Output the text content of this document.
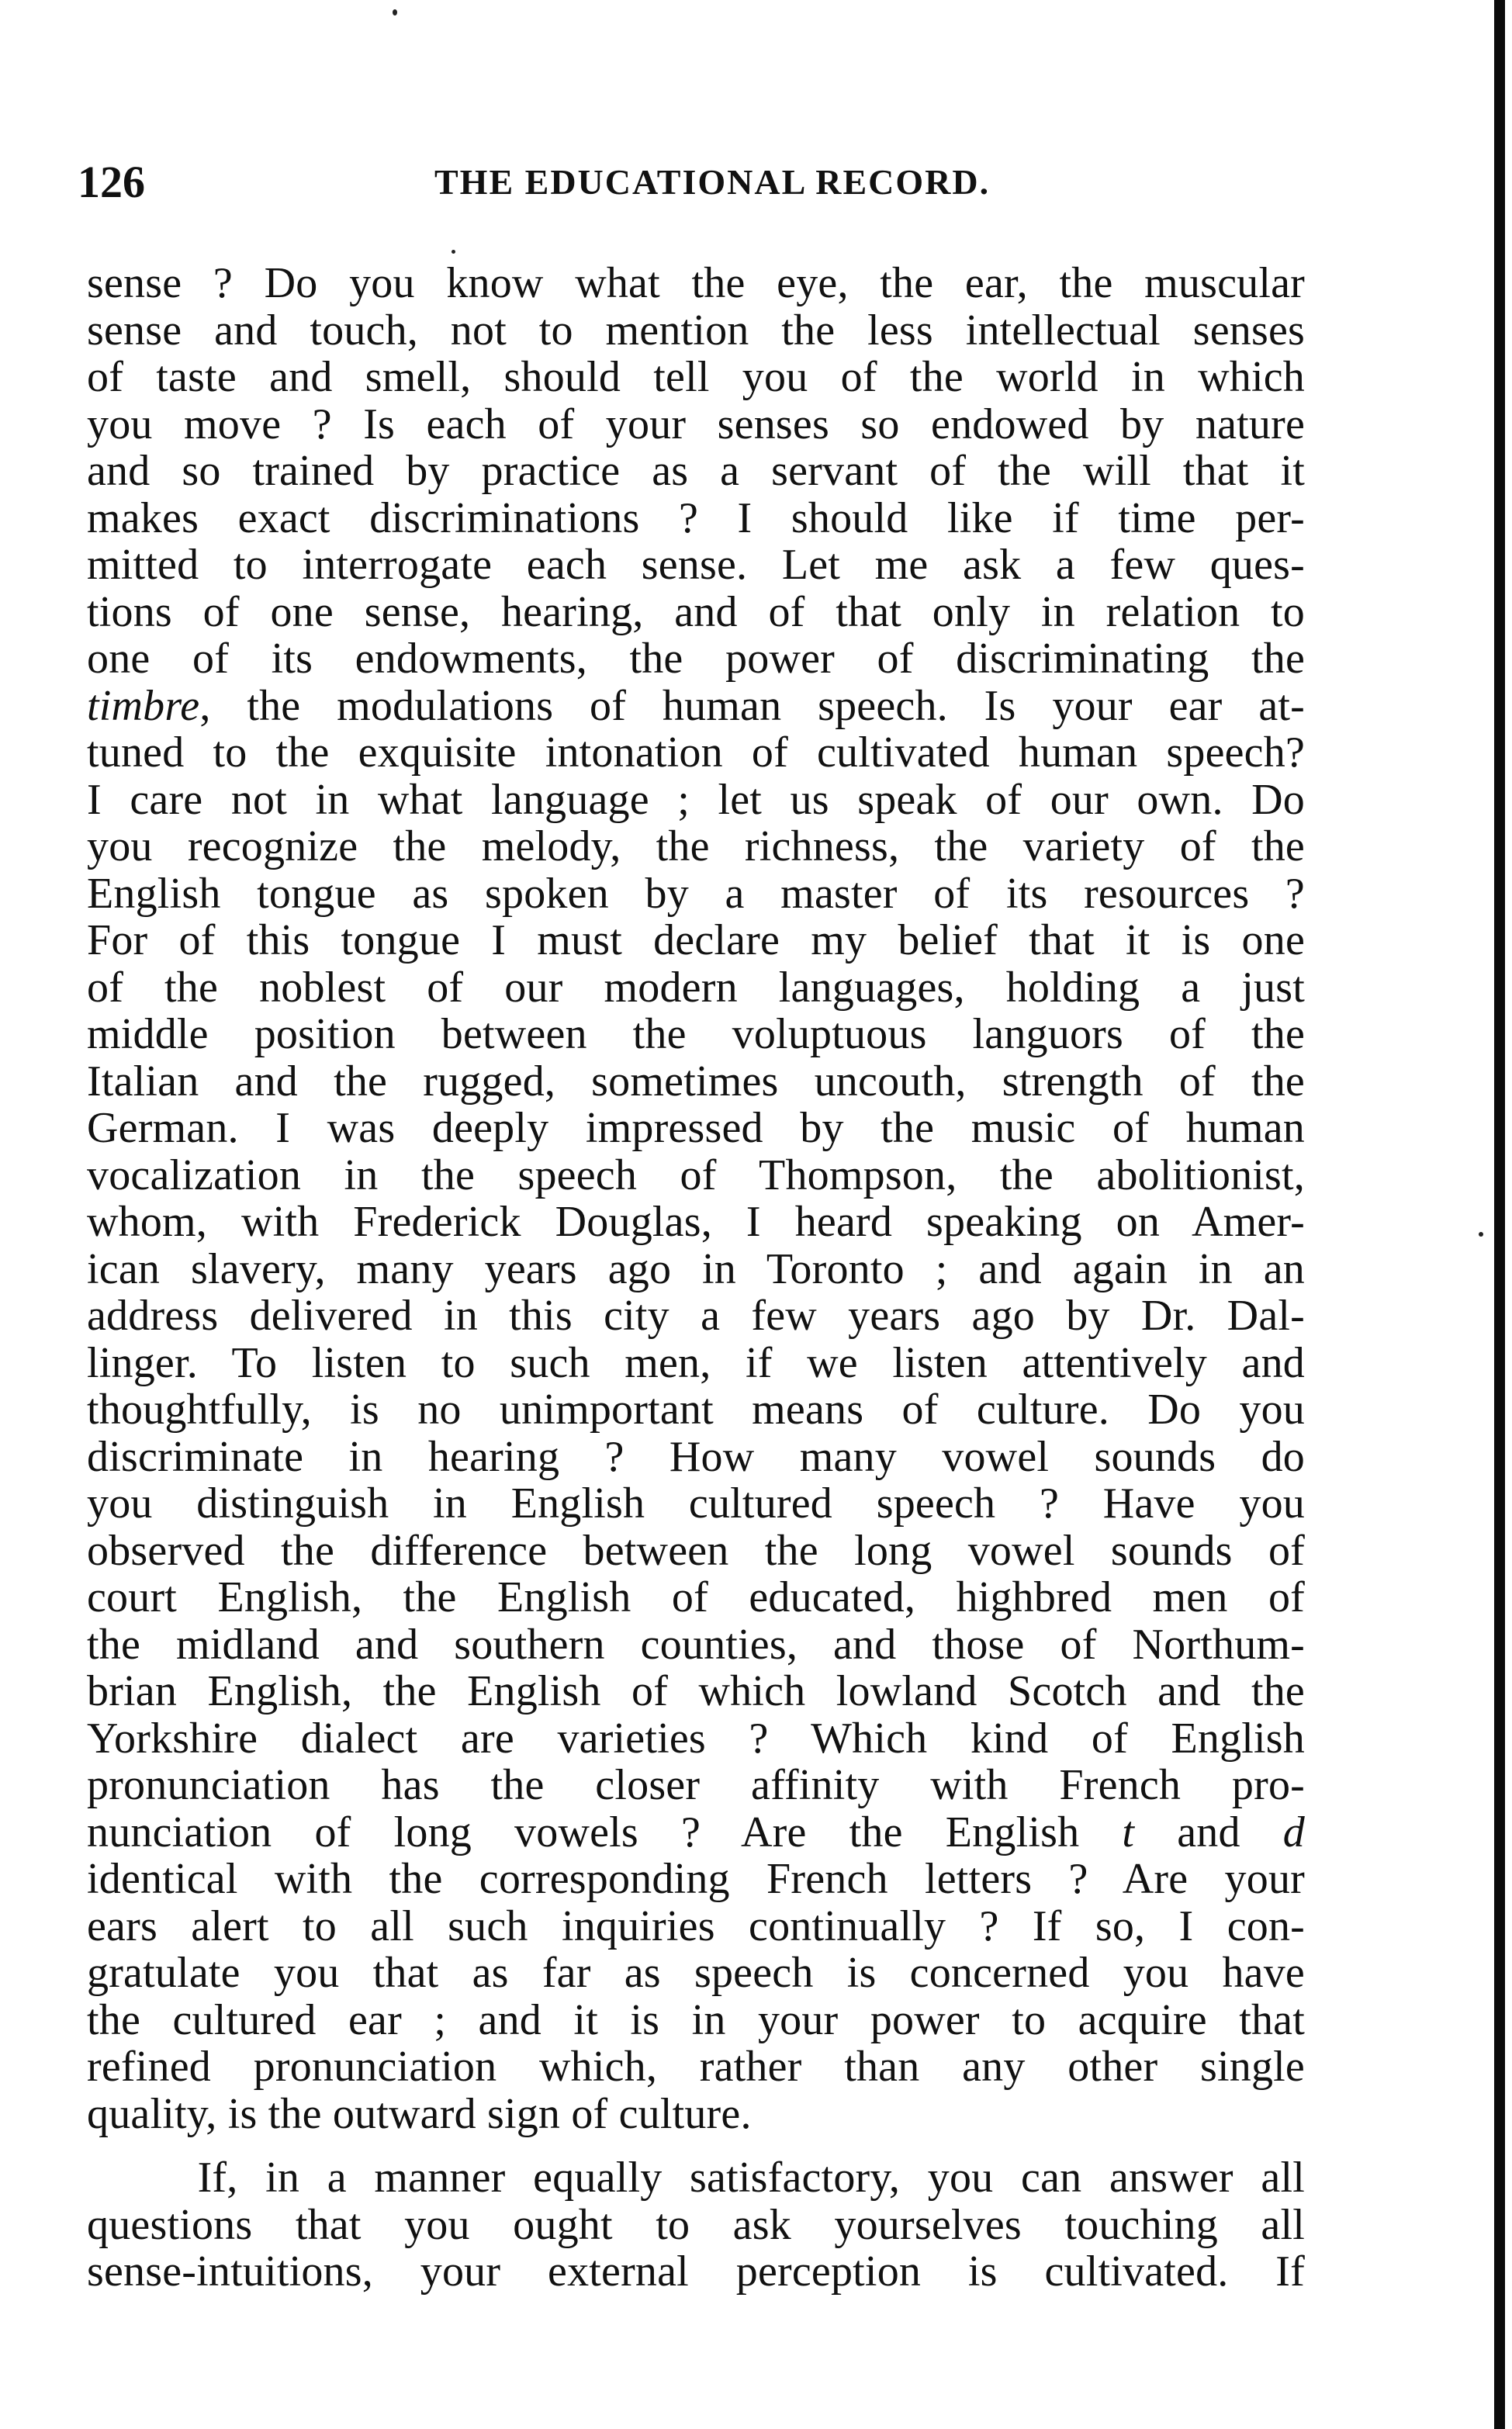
126	THE EDUCATIONAL RECORD.
sense ? Do you know what the eye, the ear, the muscular
sense and touch, not to mention the less intellectual senses
of taste and smell, should tell you of the world in which
you move ? Is each of your senses so endowed by nature
and so trained by practice as a servant of the will that it
makes exact discriminations ? I should like if time per-
mitted to interrogate each sense. Let me ask a few ques-
tions of one sense, hearing, and of that only in relation to
one of its endowments, the power of discriminating the
timbre, the modulations of human speech. Is your ear at-
tuned to the exquisite intonation of cultivated human speech?
I care not in what language ; let us speak of our own. Do
you recognize the melody, the richness, the variety of the
English tongue as spoken by a master of its resources ?
For of this tongue I must declare my belief that it is one
of the noblest of our modern languages, holding a just
middle position between the voluptuous languors of the
Italian and the rugged, sometimes uncouth, strength of the
German. I was deeply impressed by the music of human
vocalization in the speech of Thompson, the abolitionist,
whom, with Frederick Douglas, I heard speaking on Amer-
ican slavery, many years ago in Toronto ; and again in an
address delivered in this city a few years ago by Dr. Dal-
linger. To listen to such men, if we listen attentively and
thoughtfully, is no unimportant means of culture. Do you
discriminate in hearing ? How many vowel sounds do
you distinguish in English cultured speech ? Have you
observed the difference between the long vowel sounds of
court English, the English of educated, highbred men of
the midland and southern counties, and those of Northum-
brian English, the English of which lowland Scotch and the
Yorkshire dialect are varieties ? Which kind of English
pronunciation has the closer affinity with French pro-
nunciation of long vowels ? Are the English t and d
identical with the corresponding French letters ? Are your
ears alert to all such inquiries continually ? If so, I con-
gratulate you that as far as speech is concerned you have
the cultured ear ; and it is in your power to acquire that
refined pronunciation which, rather than any other single
quality, is the outward sign of culture.
If, in a manner equally satisfactory, you can answer all
questions that you ought to ask yourselves touching all
sense-intuitions, your external perception is cultivated. If
